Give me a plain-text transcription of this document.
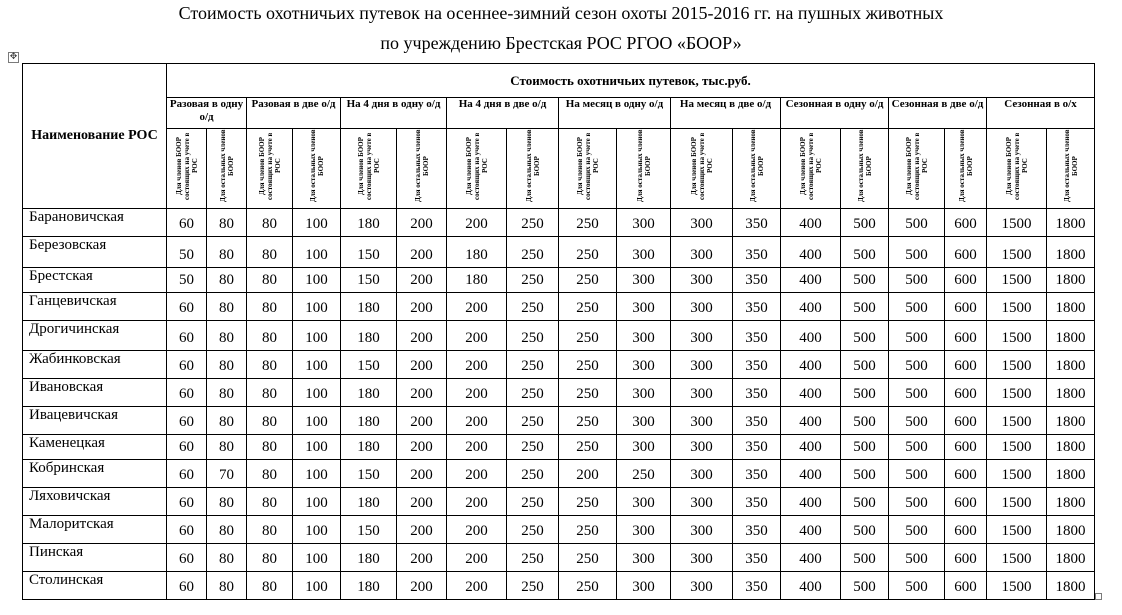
Стоимость охотничьих путевок на осеннее-зимний сезон охоты 2015-2016 гг. на пушных животных
по учреждению Брестская РОС РГОО «БООР»
✥
Наименование РОС	Стоимость охотничьих путевок, тыс.руб.																	
	Разовая в одну о/д		Разовая в две о/д		На 4 дня в одну о/д		На 4 дня в две о/д		На месяц в одну о/д		На месяц в две о/д		Сезонная в одну о/д		Сезонная в две о/д		Сезонная в о/х	
	Для членов БООР состоящих на учете в РОС	Для остальных членов БООР	Для членов БООР состоящих на учете в РОС	Для остальных членов БООР	Для членов БООР состоящих на учете в РОС	Для остальных членов БООР	Для членов БООР состоящих на учете в РОС	Для остальных членов БООР	Для членов БООР состоящих на учете в РОС	Для остальных членов БООР	Для членов БООР состоящих на учете в РОС	Для остальных членов БООР	Для членов БООР состоящих на учете в РОС	Для остальных членов БООР	Для членов БООР состоящих на учете в РОС	Для остальных членов БООР	Для членов БООР состоящих на учете в РОС	Для остальных членов БООР
Барановичская	60	80	80	100	180	200	200	250	250	300	300	350	400	500	500	600	1500	1800
Березовская	50	80	80	100	150	200	180	250	250	300	300	350	400	500	500	600	1500	1800
Брестская	50	80	80	100	150	200	180	250	250	300	300	350	400	500	500	600	1500	1800
Ганцевичская	60	80	80	100	180	200	200	250	250	300	300	350	400	500	500	600	1500	1800
Дрогичинская	60	80	80	100	180	200	200	250	250	300	300	350	400	500	500	600	1500	1800
Жабинковская	60	80	80	100	150	200	200	250	250	300	300	350	400	500	500	600	1500	1800
Ивановская	60	80	80	100	180	200	200	250	250	300	300	350	400	500	500	600	1500	1800
Ивацевичская	60	80	80	100	180	200	200	250	250	300	300	350	400	500	500	600	1500	1800
Каменецкая	60	80	80	100	180	200	200	250	250	300	300	350	400	500	500	600	1500	1800
Кобринская	60	70	80	100	150	200	200	250	200	250	300	350	400	500	500	600	1500	1800
Ляховичская	60	80	80	100	180	200	200	250	250	300	300	350	400	500	500	600	1500	1800
Малоритская	60	80	80	100	150	200	200	250	250	300	300	350	400	500	500	600	1500	1800
Пинская	60	80	80	100	180	200	200	250	250	300	300	350	400	500	500	600	1500	1800
Столинская	60	80	80	100	180	200	200	250	250	300	300	350	400	500	500	600	1500	1800
